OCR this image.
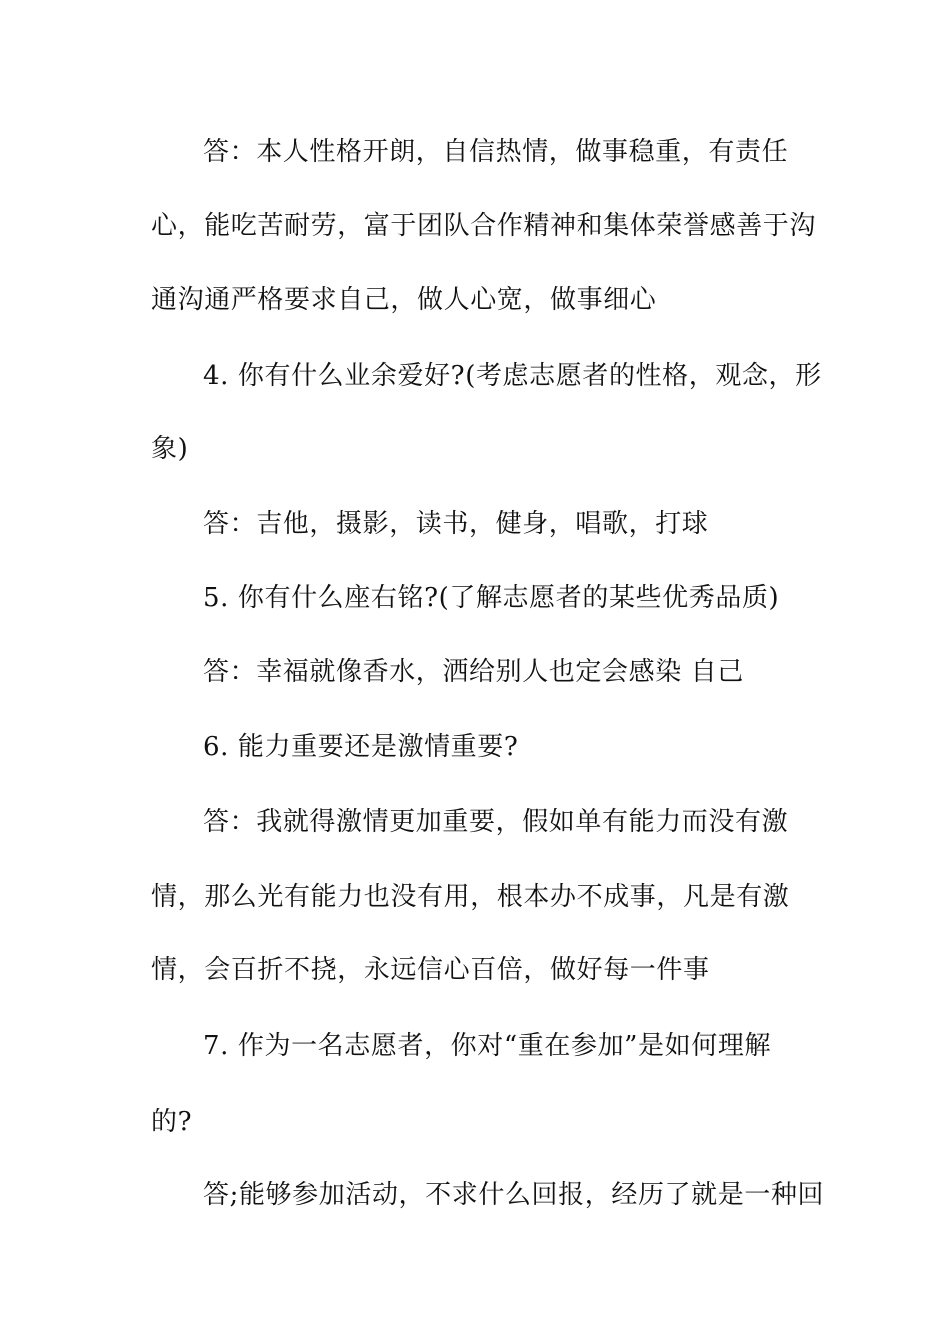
答：本人性格开朗，自信热情，做事稳重，有责任
心，能吃苦耐劳，富于团队合作精神和集体荣誉感善于沟
通沟通严格要求自己，做人心宽，做事细心
4. 你有什么业余爱好?(考虑志愿者的性格，观念，形
象)
答：吉他，摄影，读书，健身，唱歌，打球
5. 你有什么座右铭?(了解志愿者的某些优秀品质)
答：幸福就像香水，洒给别人也定会感染 自己
6. 能力重要还是激情重要?
答：我就得激情更加重要，假如单有能力而没有激
情，那么光有能力也没有用，根本办不成事，凡是有激
情，会百折不挠，永远信心百倍，做好每一件事
7. 作为一名志愿者，你对“重在参加”是如何理解
的?
答;能够参加活动，不求什么回报，经历了就是一种回
